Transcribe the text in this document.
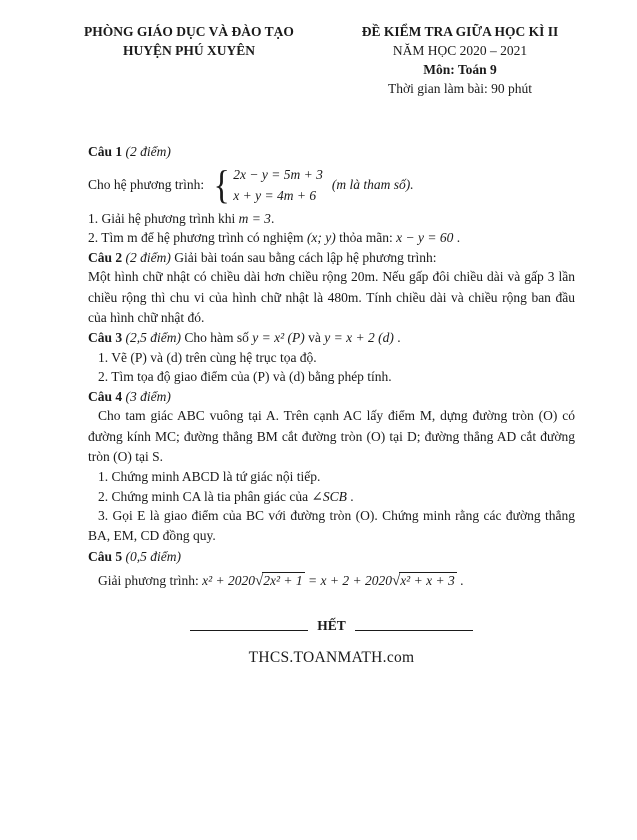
PHÒNG GIÁO DỤC VÀ ĐÀO TẠO
HUYỆN PHÚ XUYÊN
ĐỀ KIỂM TRA GIỮA HỌC KÌ II
NĂM HỌC 2020 – 2021
Môn: Toán 9
Thời gian làm bài: 90 phút
Câu 1 (2 điểm)
Cho hệ phương trình: { 2x − y = 5m + 3
x + y = 4m + 6
(m là tham số).
1. Giải hệ phương trình khi m = 3.
2. Tìm m để hệ phương trình có nghiệm (x; y) thỏa mãn: x − y = 60 .
Câu 2 (2 điểm) Giải bài toán sau bằng cách lập hệ phương trình:
Một hình chữ nhật có chiều dài hơn chiều rộng 20m. Nếu gấp đôi chiều dài và gấp 3 lần chiều rộng thì chu vi của hình chữ nhật là 480m. Tính chiều dài và chiều rộng ban đầu của hình chữ nhật đó.
Câu 3 (2,5 điểm) Cho hàm số y = x² (P) và y = x + 2 (d) .
1. Vẽ (P) và (d) trên cùng hệ trục tọa độ.
2. Tìm tọa độ giao điểm của (P) và (d) bằng phép tính.
Câu 4 (3 điểm)
Cho tam giác ABC vuông tại A. Trên cạnh AC lấy điểm M, dựng đường tròn (O) có đường kính MC; đường thẳng BM cắt đường tròn (O) tại D; đường thẳng AD cắt đường tròn (O) tại S.
1. Chứng minh ABCD là tứ giác nội tiếp.
2. Chứng minh CA là tia phân giác của ∠SCB .
3. Gọi E là giao điểm của BC với đường tròn (O). Chứng minh rằng các đường thẳng BA, EM, CD đồng quy.
Câu 5 (0,5 điểm)
Giải phương trình: x² + 2020√2x² + 1 = x + 2 + 2020√x² + x + 3 .
HẾT
THCS.TOANMATH.com
